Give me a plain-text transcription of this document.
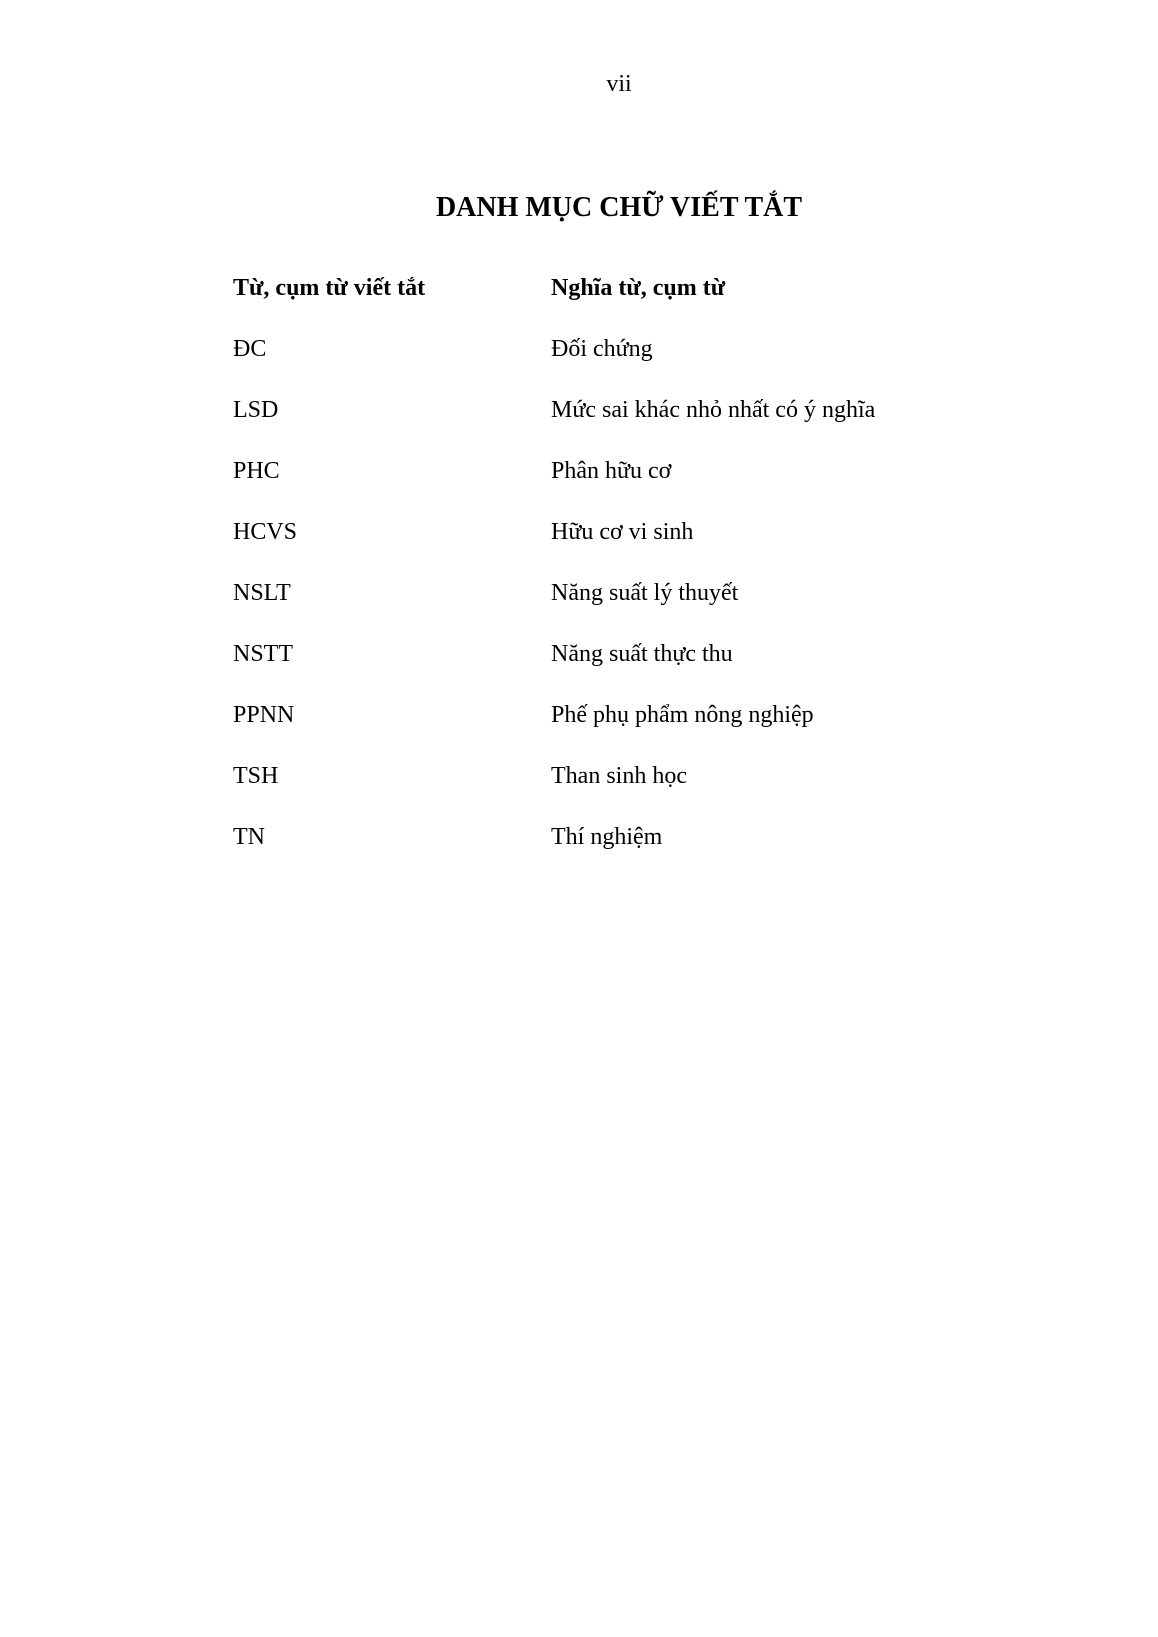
vii
DANH MỤC CHỮ VIẾT TẮT
Từ, cụm từ viết tắt	Nghĩa từ, cụm từ
ĐC	Đối chứng
LSD	Mức sai khác nhỏ nhất có ý nghĩa
PHC	Phân hữu cơ
HCVS	Hữu cơ vi sinh
NSLT	Năng suất lý thuyết
NSTT	Năng suất thực thu
PPNN	Phế phụ phẩm nông nghiệp
TSH	Than sinh học
TN	Thí nghiệm
